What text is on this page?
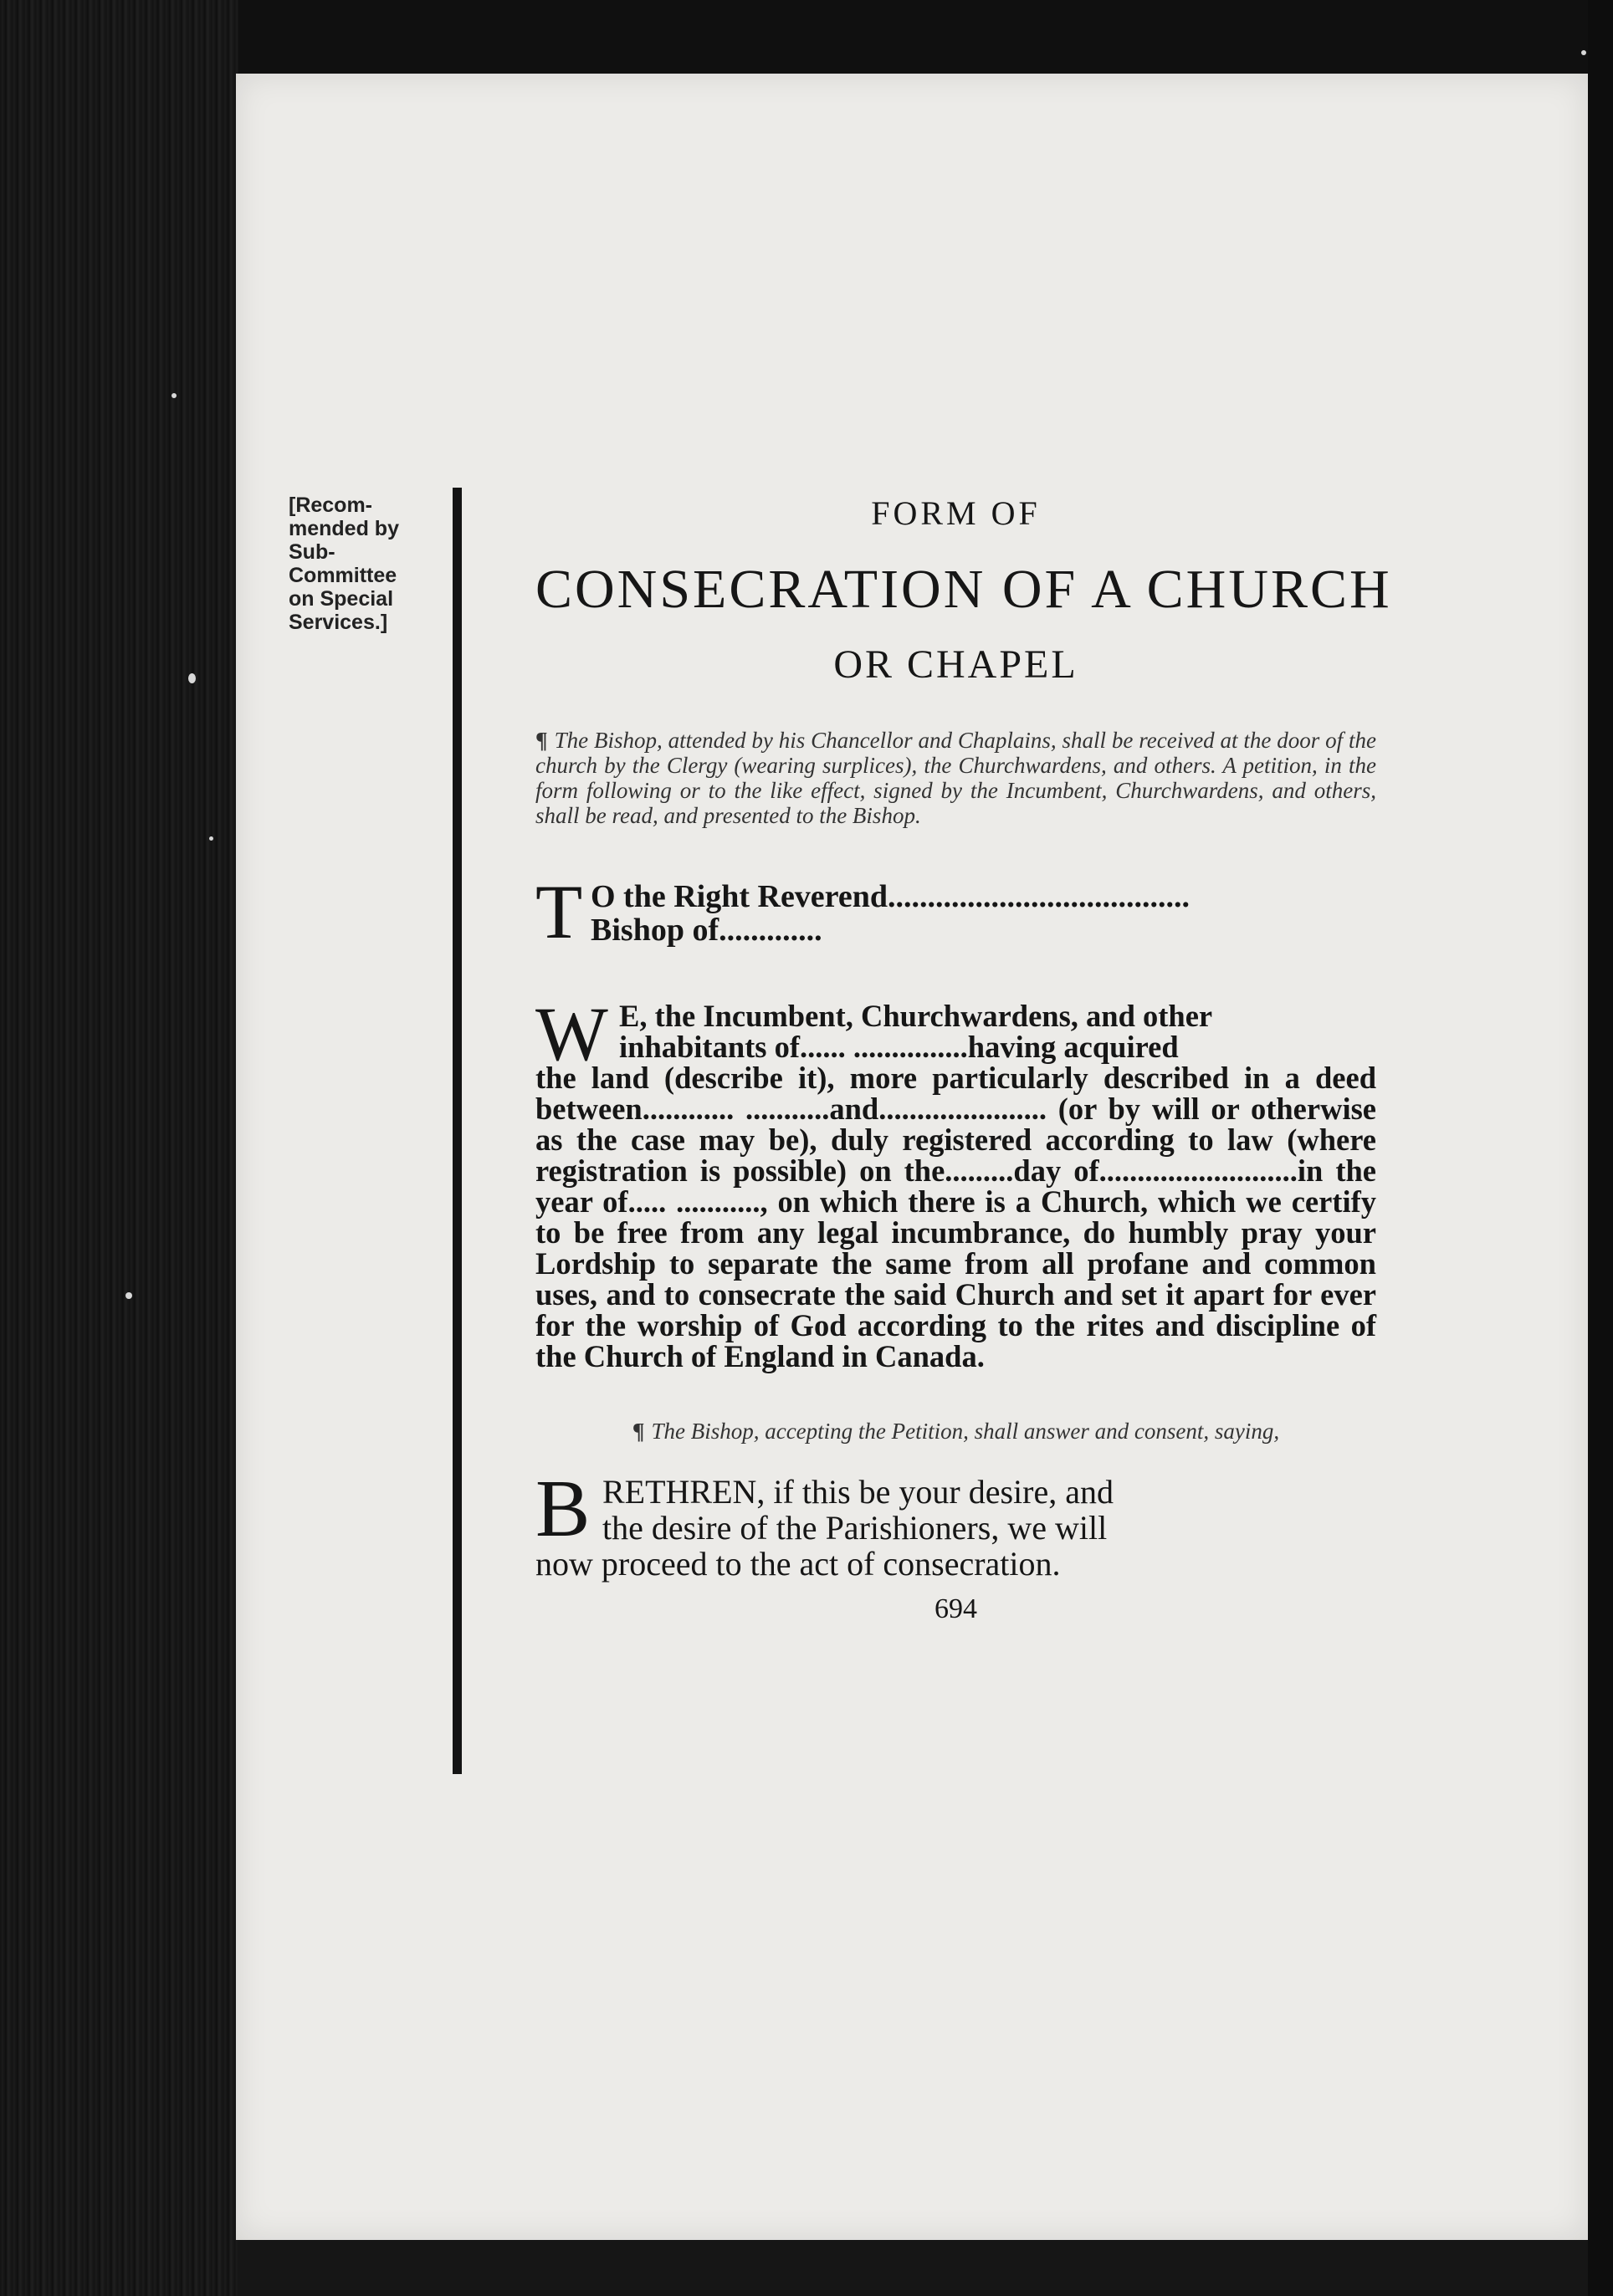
[Recom-
mended by
Sub-
Committee
on Special
Services.]
FORM OF
CONSECRATION OF A CHURCH
OR CHAPEL
¶ The Bishop, attended by his Chancellor and Chaplains, shall be received at the door of the church by the Clergy (wearing surplices), the Churchwardens, and others. A petition, in the form following or to the like effect, signed by the Incumbent, Churchwardens, and others, shall be read, and presented to the Bishop.
T O the Right Reverend......................................
Bishop of.............
W E, the Incumbent, Churchwardens, and other
inhabitants of...... ...............having acquired
the land (describe it), more particularly described in a deed between............ ...........and...................... (or by will or otherwise as the case may be), duly registered according to law (where registration is possible) on the.........day of..........................in the year of..... ..........., on which there is a Church, which we certify to be free from any legal incumbrance, do humbly pray your Lordship to separate the same from all profane and common uses, and to consecrate the said Church and set it apart for ever for the worship of God according to the rites and discipline of the Church of England in Canada.
¶ The Bishop, accepting the Petition, shall answer and consent, saying,
B RETHREN, if this be your desire, and
the desire of the Parishioners, we will
now proceed to the act of consecration.
694
